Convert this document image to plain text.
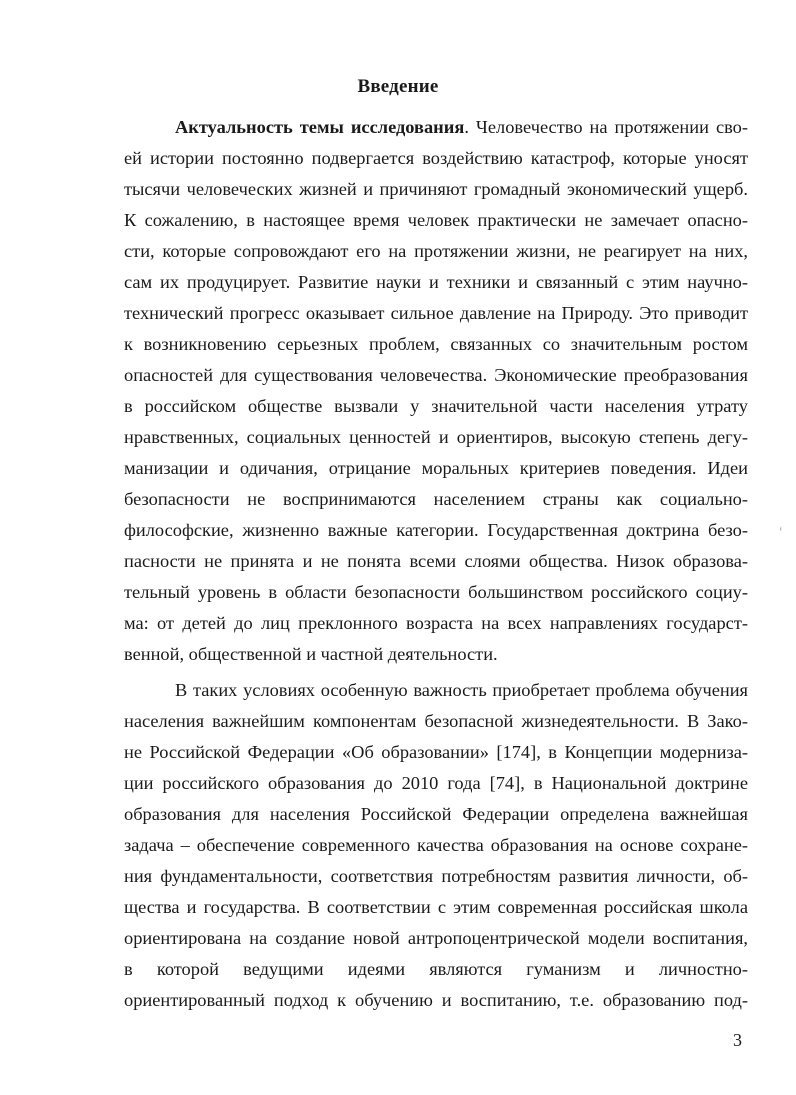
Введение
Актуальность темы исследования. Человечество на протяжении сво-
ей истории постоянно подвергается воздействию катастроф, которые уносят
тысячи человеческих жизней и причиняют громадный экономический ущерб.
К сожалению, в настоящее время человек практически не замечает опасно-
сти, которые сопровождают его на протяжении жизни, не реагирует на них,
сам их продуцирует. Развитие науки и техники и связанный с этим научно-
технический прогресс оказывает сильное давление на Природу. Это приводит
к возникновению серьезных проблем, связанных со значительным ростом
опасностей для существования человечества. Экономические преобразования
в российском обществе вызвали у значительной части населения утрату
нравственных, социальных ценностей и ориентиров, высокую степень дегу-
манизации и одичания, отрицание моральных критериев поведения. Идеи
безопасности не воспринимаются населением страны как социально-
философские, жизненно важные категории. Государственная доктрина безо-
пасности не принята и не понята всеми слоями общества. Низок образова-
тельный уровень в области безопасности большинством российского социу-
ма: от детей до лиц преклонного возраста на всех направлениях государст-
венной, общественной и частной деятельности.
В таких условиях особенную важность приобретает проблема обучения
населения важнейшим компонентам безопасной жизнедеятельности. В Зако-
не Российской Федерации «Об образовании» [174], в Концепции модерниза-
ции российского образования до 2010 года [74], в Национальной доктрине
образования для населения Российской Федерации определена важнейшая
задача – обеспечение современного качества образования на основе сохране-
ния фундаментальности, соответствия потребностям развития личности, об-
щества и государства. В соответствии с этим современная российская школа
ориентирована на создание новой антропоцентрической модели воспитания,
в которой ведущими идеями являются гуманизм и личностно-
ориентированный подход к обучению и воспитанию, т.е. образованию под-
ᶦ
3
